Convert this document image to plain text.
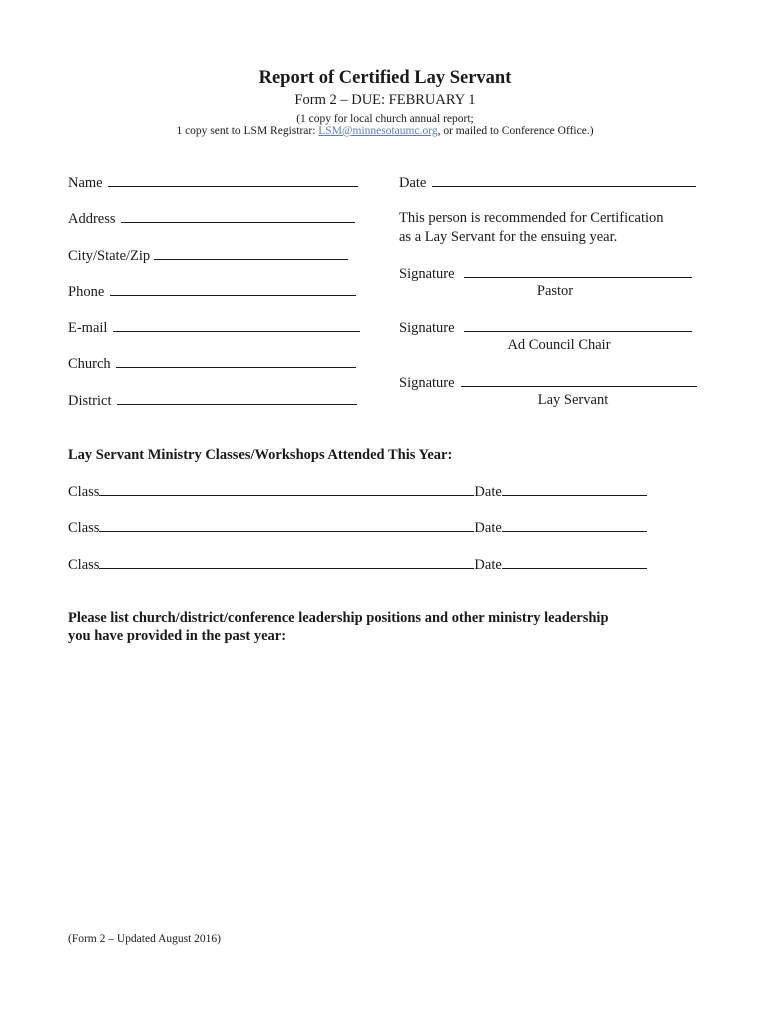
Report of Certified Lay Servant
Form 2 – DUE: FEBRUARY 1
(1 copy for local church annual report;
1 copy sent to LSM Registrar: LSM@minnesotaumc.org, or mailed to Conference Office.)
Name
Address
City/State/Zip
Phone
E-mail
Church
District
Date
This person is recommended for Certification
as a Lay Servant for the ensuing year.
Signature
Pastor
Signature
Ad Council Chair
Signature
Lay Servant
Lay Servant Ministry Classes/Workshops Attended This Year:
Class	Date
Class	Date
Class	Date
Please list church/district/conference leadership positions and other ministry leadership
you have provided in the past year:
(Form 2 – Updated August 2016)
